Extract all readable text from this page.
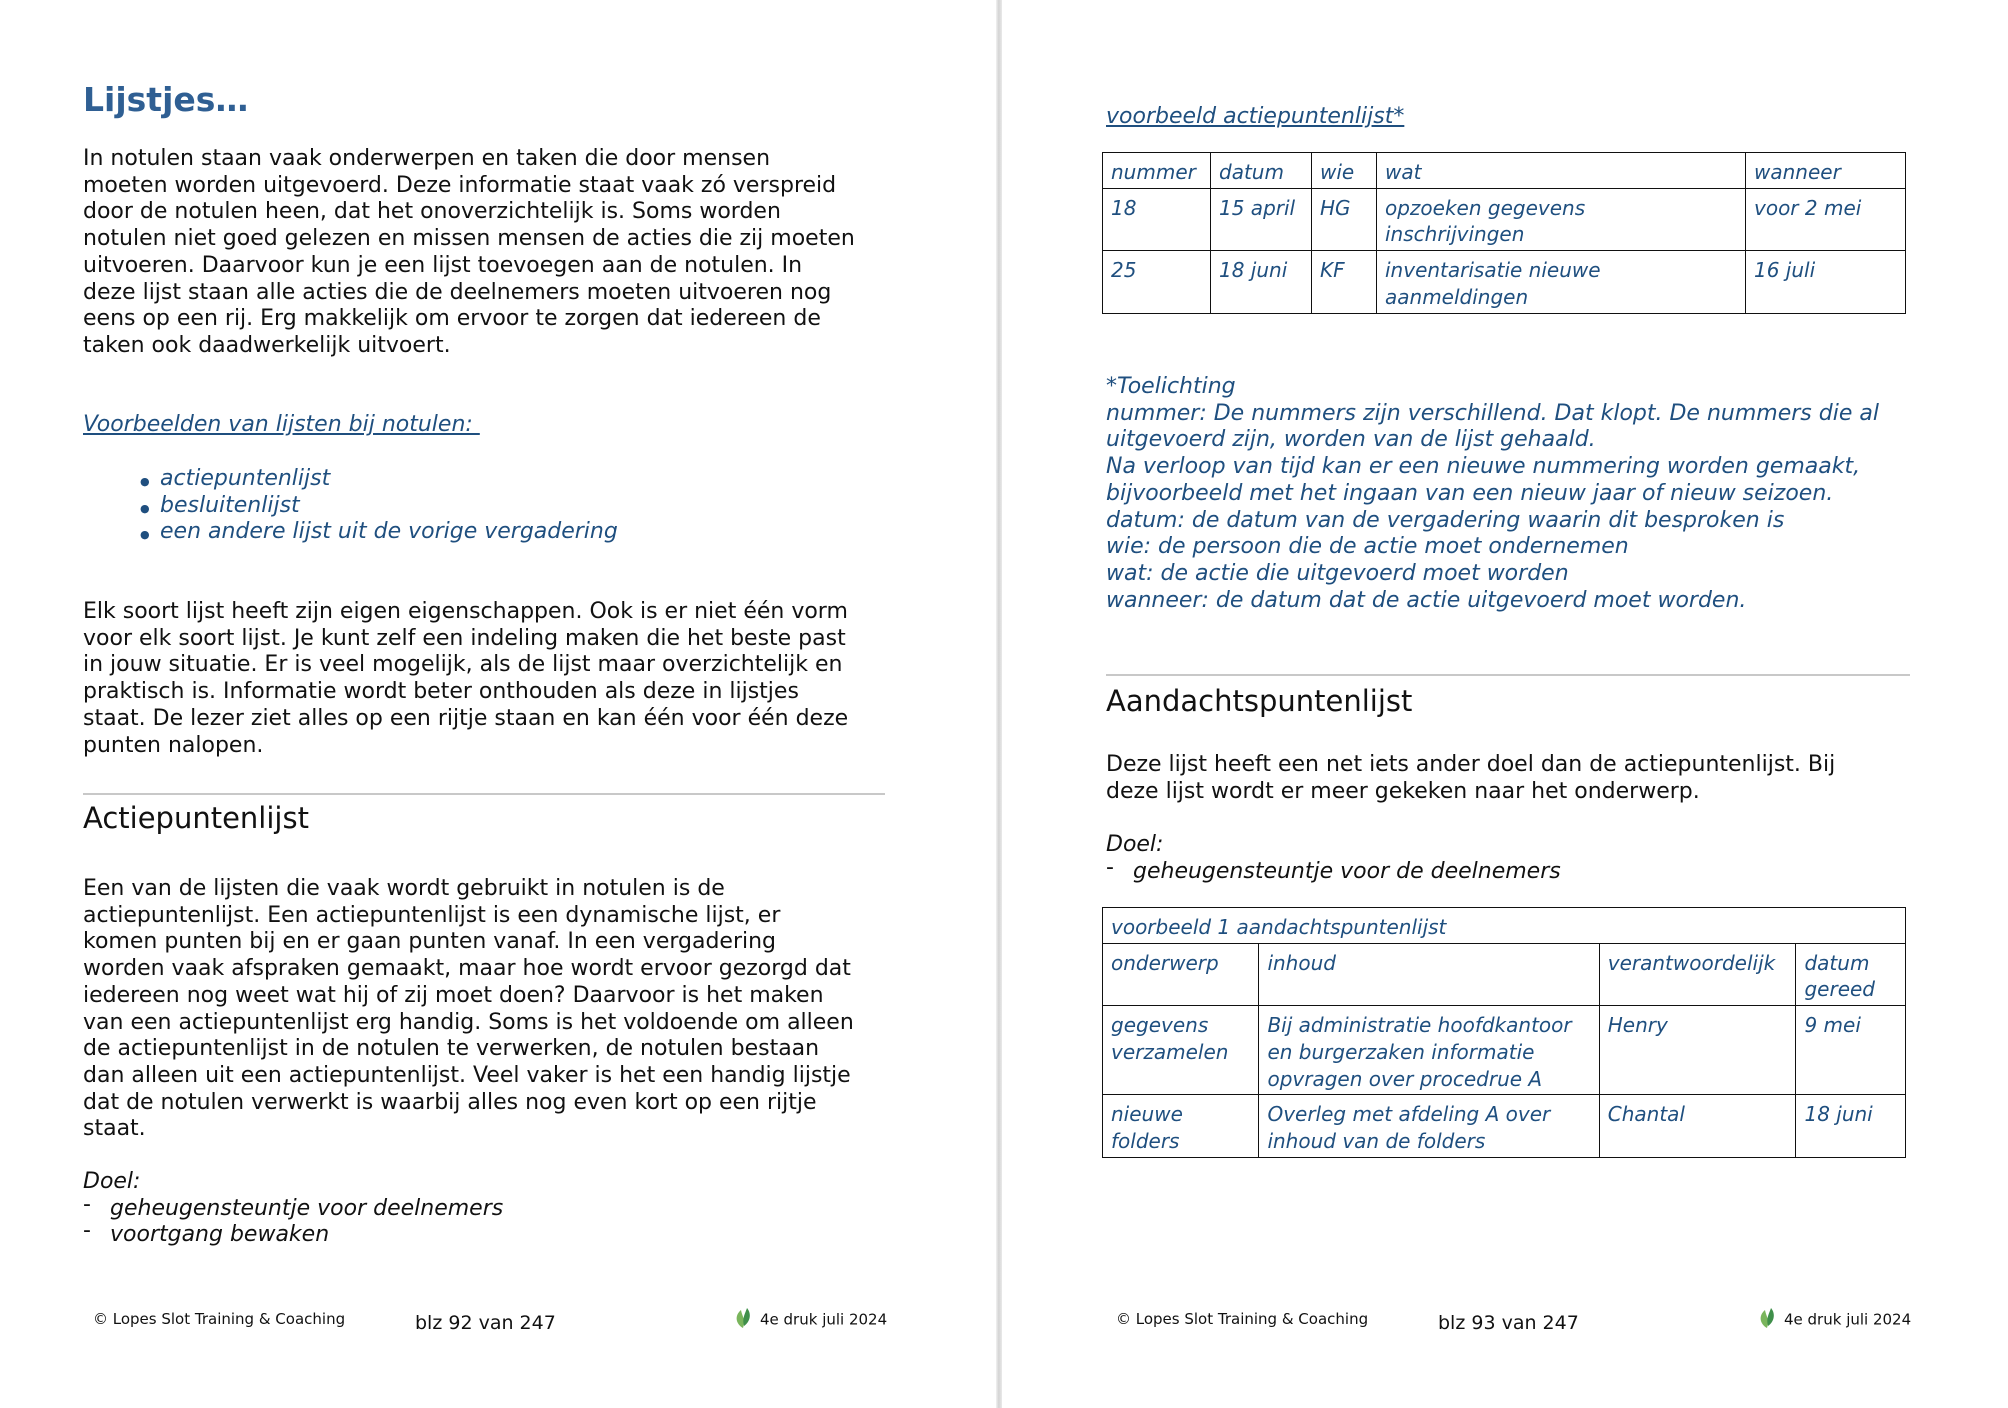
Lijstjes…
In notulen staan vaak onderwerpen en taken die door mensen
moeten worden uitgevoerd. Deze informatie staat vaak zó verspreid
door de notulen heen, dat het onoverzichtelijk is. Soms worden
notulen niet goed gelezen en missen mensen de acties die zij moeten
uitvoeren. Daarvoor kun je een lijst toevoegen aan de notulen. In
deze lijst staan alle acties die de deelnemers moeten uitvoeren nog
eens op een rij. Erg makkelijk om ervoor te zorgen dat iedereen de
taken ook daadwerkelijk uitvoert.
Voorbeelden van lijsten bij notulen:
● actiepuntenlijst
● besluitenlijst
● een andere lijst uit de vorige vergadering
Elk soort lijst heeft zijn eigen eigenschappen. Ook is er niet één vorm
voor elk soort lijst. Je kunt zelf een indeling maken die het beste past
in jouw situatie. Er is veel mogelijk, als de lijst maar overzichtelijk en
praktisch is. Informatie wordt beter onthouden als deze in lijstjes
staat. De lezer ziet alles op een rijtje staan en kan één voor één deze
punten nalopen.
Actiepuntenlijst
Een van de lijsten die vaak wordt gebruikt in notulen is de
actiepuntenlijst. Een actiepuntenlijst is een dynamische lijst, er
komen punten bij en er gaan punten vanaf. In een vergadering
worden vaak afspraken gemaakt, maar hoe wordt ervoor gezorgd dat
iedereen nog weet wat hij of zij moet doen? Daarvoor is het maken
van een actiepuntenlijst erg handig. Soms is het voldoende om alleen
de actiepuntenlijst in de notulen te verwerken, de notulen bestaan
dan alleen uit een actiepuntenlijst. Veel vaker is het een handig lijstje
dat de notulen verwerkt is waarbij alles nog even kort op een rijtje
staat.
Doel:
- geheugensteuntje voor deelnemers
- voortgang bewaken
© Lopes Slot Training & Coaching	blz 92 van 247	4e druk juli 2024
voorbeeld actiepuntenlijst*
nummer	datum	wie	wat	wanneer
18	15 april	HG	opzoeken gegevens inschrijvingen	voor 2 mei
25	18 juni	KF	inventarisatie nieuwe aanmeldingen	16 juli
*Toelichting
nummer: De nummers zijn verschillend. Dat klopt. De nummers die al
uitgevoerd zijn, worden van de lijst gehaald.
Na verloop van tijd kan er een nieuwe nummering worden gemaakt,
bijvoorbeeld met het ingaan van een nieuw jaar of nieuw seizoen.
datum: de datum van de vergadering waarin dit besproken is
wie: de persoon die de actie moet ondernemen
wat: de actie die uitgevoerd moet worden
wanneer: de datum dat de actie uitgevoerd moet worden.
Aandachtspuntenlijst
Deze lijst heeft een net iets ander doel dan de actiepuntenlijst. Bij
deze lijst wordt er meer gekeken naar het onderwerp.
Doel:
- geheugensteuntje voor de deelnemers
voorbeeld 1 aandachtspuntenlijst			
onderwerp	inhoud	verantwoordelijk	datum gereed
gegevens verzamelen	Bij administratie hoofdkantoor en burgerzaken informatie opvragen over procedrue A	Henry	9 mei
nieuwe folders	Overleg met afdeling A over inhoud van de folders	Chantal	18 juni
© Lopes Slot Training & Coaching	blz 93 van 247	4e druk juli 2024
